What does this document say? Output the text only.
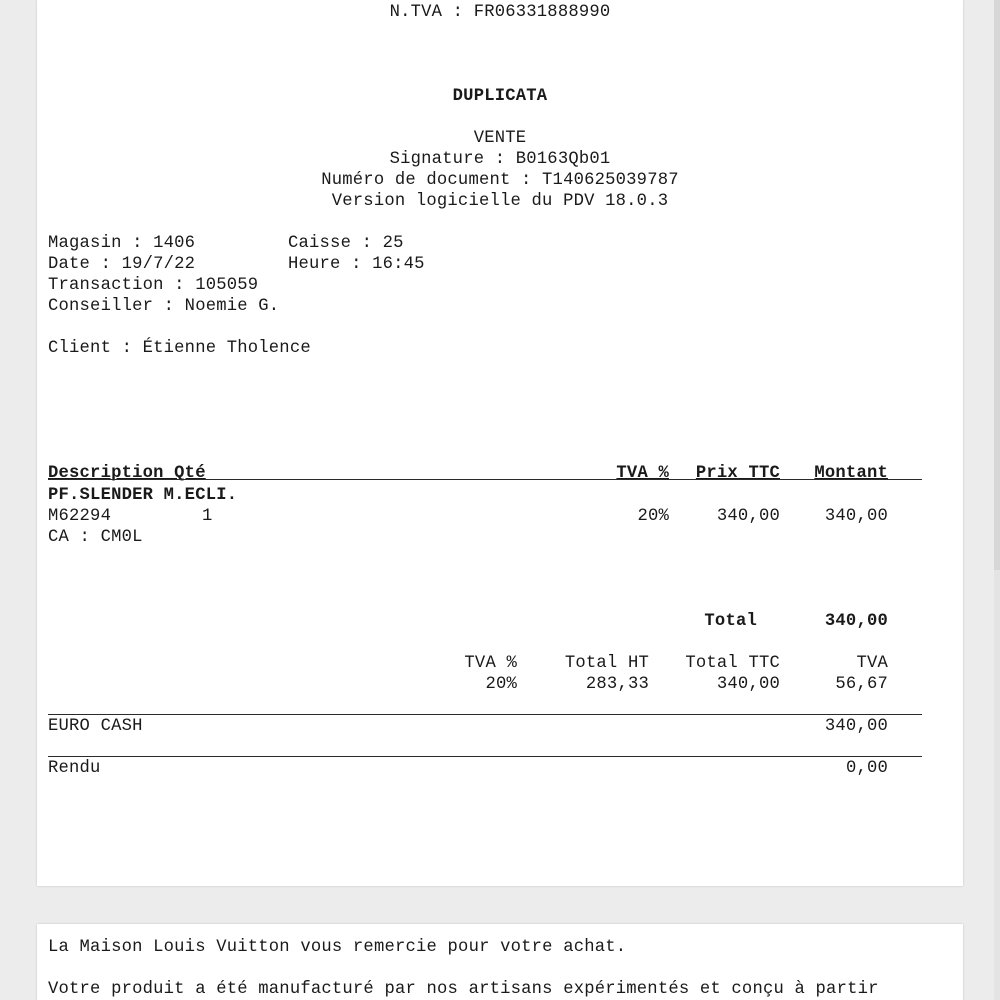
N.TVA : FR06331888990
DUPLICATA
VENTE
Signature : B0163Qb01
Numéro de document : T140625039787
Version logicielle du PDV 18.0.3
Magasin : 1406	Caisse : 25
Date : 19/7/22	Heure : 16:45
Transaction : 105059
Conseiller : Noemie G.
Client : Étienne Tholence
Description Qté	TVA %	Prix TTC	Montant
PF.SLENDER M.ECLI.
M62294	1	20%	340,00	340,00
CA : CM0L
Total	340,00
TVA %	Total HT	Total TTC	TVA
20%	283,33	340,00	56,67
EURO CASH	340,00
Rendu	0,00
La Maison Louis Vuitton vous remercie pour votre achat.
Votre produit a été manufacturé par nos artisans expérimentés et conçu à partir
